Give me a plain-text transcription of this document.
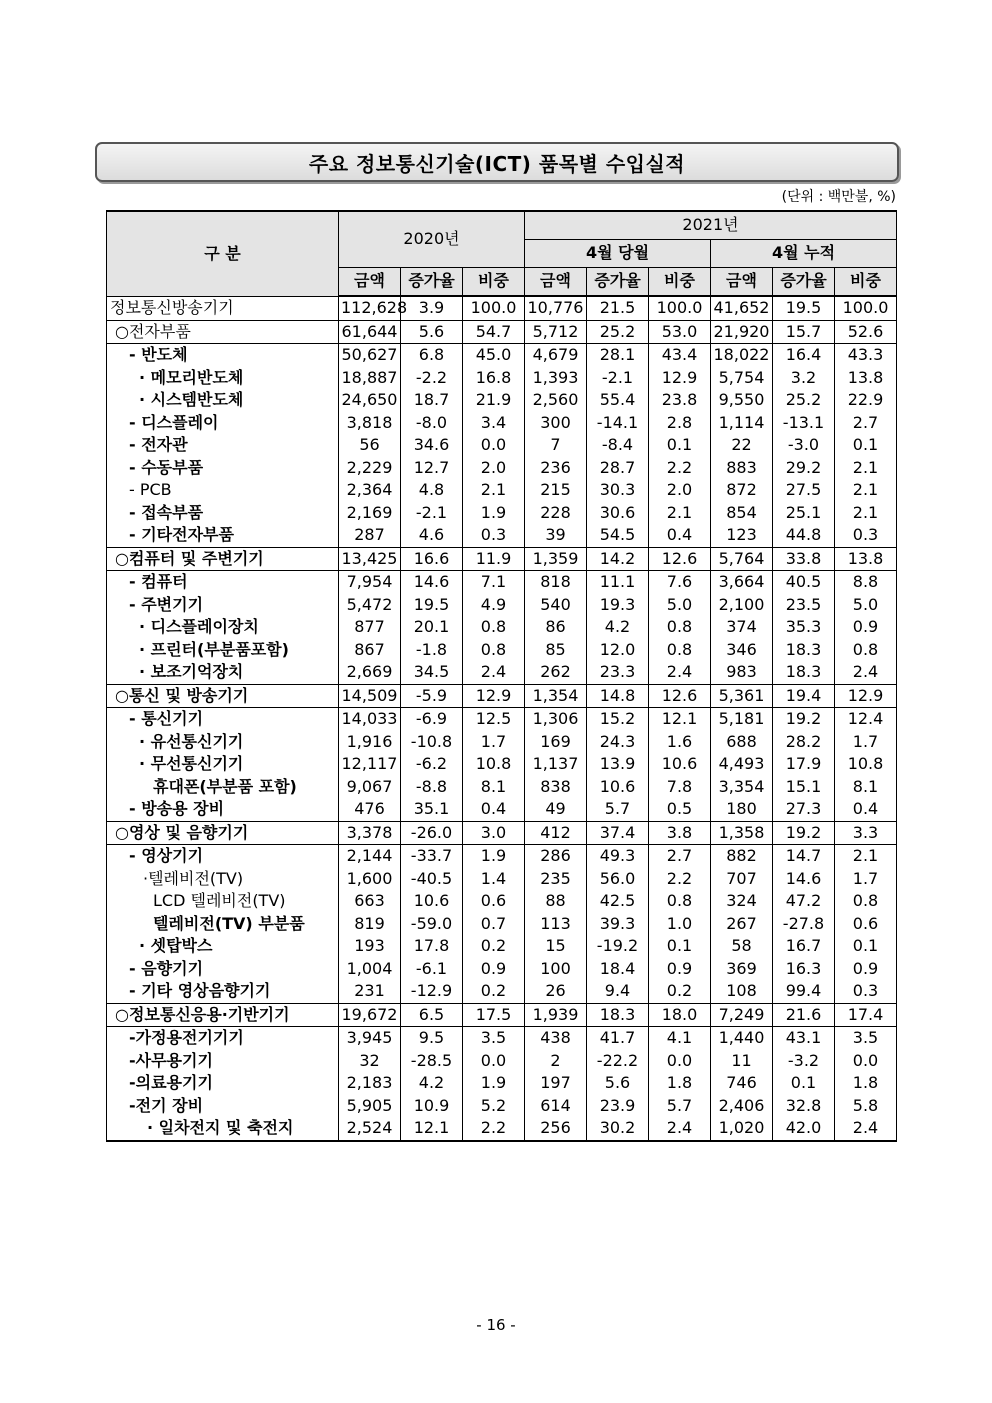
주요 정보통신기술(ICT) 품목별 수입실적
(단위 : 백만불, %)
구 분	2020년			2021년					
				4월 당월			4월 누적		
	금액	증가율	비중	금액	증가율	비중	금액	증가율	비중
정보통신방송기기	112,628	3.9	100.0	10,776	21.5	100.0	41,652	19.5	100.0
○전자부품	61,644	5.6	54.7	5,712	25.2	53.0	21,920	15.7	52.6
- 반도체	50,627	6.8	45.0	4,679	28.1	43.4	18,022	16.4	43.3
· 메모리반도체	18,887	-2.2	16.8	1,393	-2.1	12.9	5,754	3.2	13.8
· 시스템반도체	24,650	18.7	21.9	2,560	55.4	23.8	9,550	25.2	22.9
- 디스플레이	3,818	-8.0	3.4	300	-14.1	2.8	1,114	-13.1	2.7
- 전자관	56	34.6	0.0	7	-8.4	0.1	22	-3.0	0.1
- 수동부품	2,229	12.7	2.0	236	28.7	2.2	883	29.2	2.1
- PCB	2,364	4.8	2.1	215	30.3	2.0	872	27.5	2.1
- 접속부품	2,169	-2.1	1.9	228	30.6	2.1	854	25.1	2.1
- 기타전자부품	287	4.6	0.3	39	54.5	0.4	123	44.8	0.3
○컴퓨터 및 주변기기	13,425	16.6	11.9	1,359	14.2	12.6	5,764	33.8	13.8
- 컴퓨터	7,954	14.6	7.1	818	11.1	7.6	3,664	40.5	8.8
- 주변기기	5,472	19.5	4.9	540	19.3	5.0	2,100	23.5	5.0
· 디스플레이장치	877	20.1	0.8	86	4.2	0.8	374	35.3	0.9
· 프린터(부분품포함)	867	-1.8	0.8	85	12.0	0.8	346	18.3	0.8
· 보조기억장치	2,669	34.5	2.4	262	23.3	2.4	983	18.3	2.4
○통신 및 방송기기	14,509	-5.9	12.9	1,354	14.8	12.6	5,361	19.4	12.9
- 통신기기	14,033	-6.9	12.5	1,306	15.2	12.1	5,181	19.2	12.4
· 유선통신기기	1,916	-10.8	1.7	169	24.3	1.6	688	28.2	1.7
· 무선통신기기	12,117	-6.2	10.8	1,137	13.9	10.6	4,493	17.9	10.8
휴대폰(부분품 포함)	9,067	-8.8	8.1	838	10.6	7.8	3,354	15.1	8.1
- 방송용 장비	476	35.1	0.4	49	5.7	0.5	180	27.3	0.4
○영상 및 음향기기	3,378	-26.0	3.0	412	37.4	3.8	1,358	19.2	3.3
- 영상기기	2,144	-33.7	1.9	286	49.3	2.7	882	14.7	2.1
·텔레비전(TV)	1,600	-40.5	1.4	235	56.0	2.2	707	14.6	1.7
LCD 텔레비전(TV)	663	10.6	0.6	88	42.5	0.8	324	47.2	0.8
텔레비전(TV) 부분품	819	-59.0	0.7	113	39.3	1.0	267	-27.8	0.6
· 셋탑박스	193	17.8	0.2	15	-19.2	0.1	58	16.7	0.1
- 음향기기	1,004	-6.1	0.9	100	18.4	0.9	369	16.3	0.9
- 기타 영상음향기기	231	-12.9	0.2	26	9.4	0.2	108	99.4	0.3
○정보통신응용·기반기기	19,672	6.5	17.5	1,939	18.3	18.0	7,249	21.6	17.4
-가정용전기기기	3,945	9.5	3.5	438	41.7	4.1	1,440	43.1	3.5
-사무용기기	32	-28.5	0.0	2	-22.2	0.0	11	-3.2	0.0
-의료용기기	2,183	4.2	1.9	197	5.6	1.8	746	0.1	1.8
-전기 장비	5,905	10.9	5.2	614	23.9	5.7	2,406	32.8	5.8
· 일차전지 및 축전지	2,524	12.1	2.2	256	30.2	2.4	1,020	42.0	2.4
- 16 -
